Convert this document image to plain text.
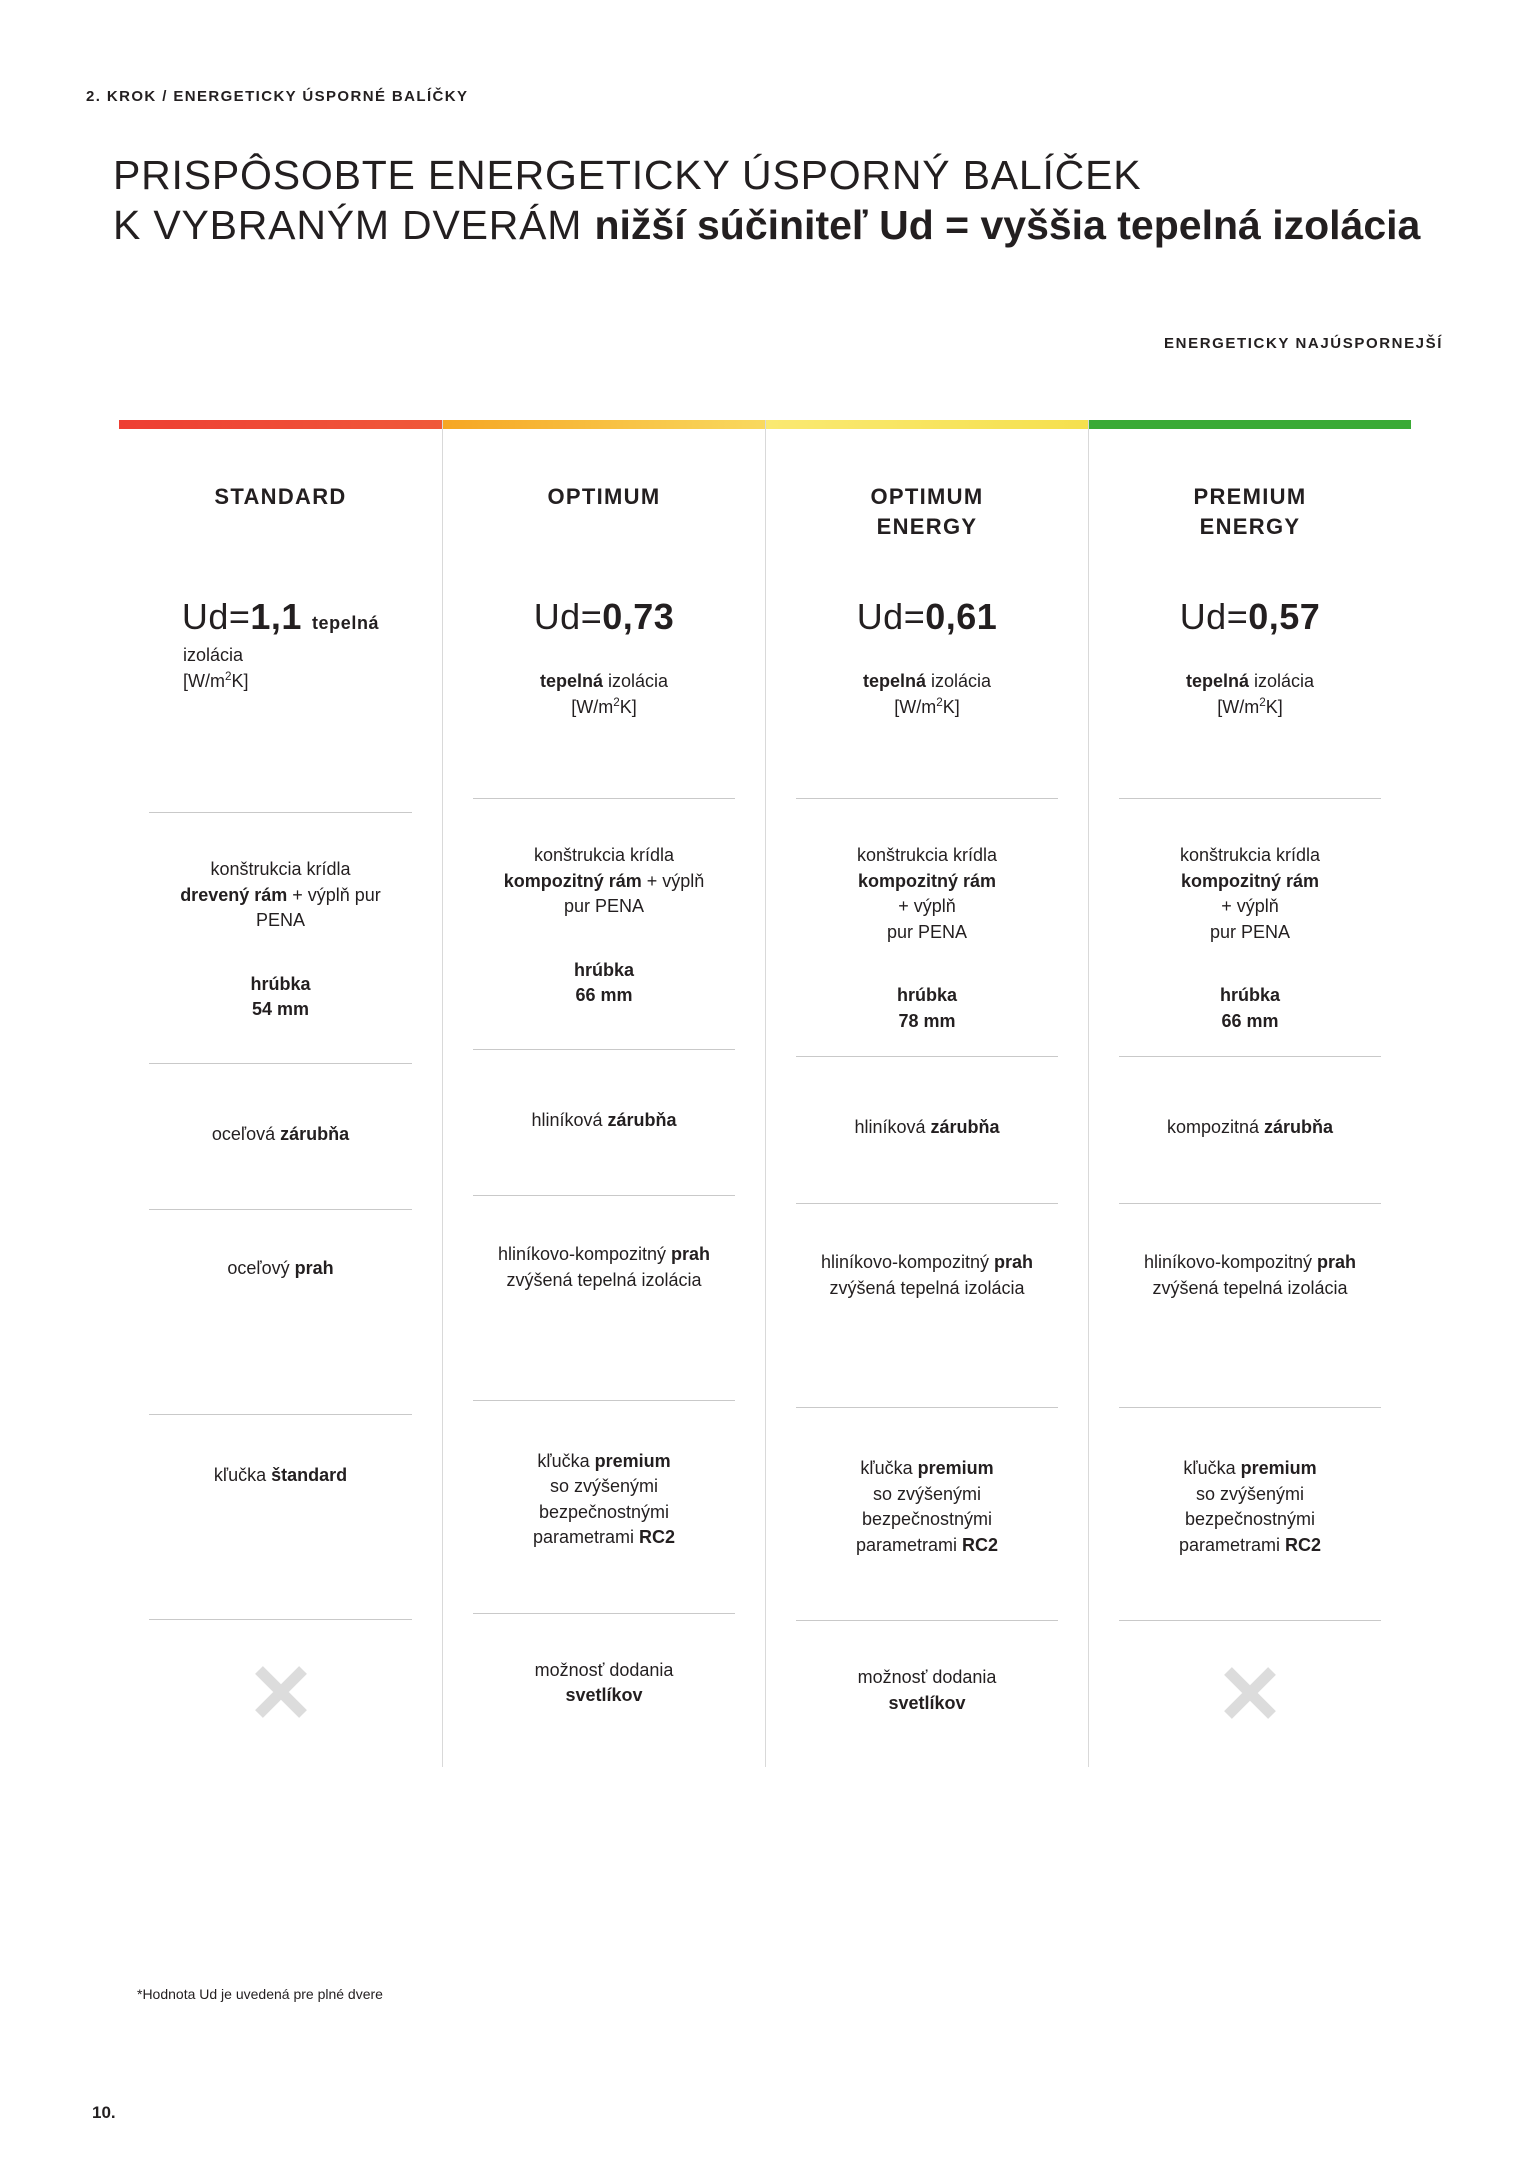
2. KROK / ENERGETICKY ÚSPORNÉ BALÍČKY
PRISPÔSOBTE ENERGETICKY ÚSPORNÝ BALÍČEK
K VYBRANÝM DVERÁM nižší súčiniteľ Ud = vyššia tepelná izolácia
ENERGETICKY NAJÚSPORNEJŠÍ
STANDARD
Ud=1,1 tepelná
izolácia
$[W/m^2K]$
konštrukcia krídla
drevený rám + výplň pur
PENA
hrúbka
54 mm
oceľová zárubňa
oceľový prah
kľučka štandard
OPTIMUM
Ud=0,73
tepelná izolácia
$[W/m^2K]$
konštrukcia krídla
kompozitný rám + výplň
pur PENA
hrúbka
66 mm
hliníková zárubňa
hliníkovo-kompozitný prah
zvýšená tepelná izolácia
kľučka premium
so zvýšenými
bezpečnostnými
parametrami RC2
možnosť dodania
svetlíkov
OPTIMUM
ENERGY
Ud=0,61
tepelná izolácia
$[W/m^2K]$
konštrukcia krídla
kompozitný rám
+ výplň
pur PENA
hrúbka
78 mm
hliníková zárubňa
hliníkovo-kompozitný prah
zvýšená tepelná izolácia
kľučka premium
so zvýšenými
bezpečnostnými
parametrami RC2
možnosť dodania
svetlíkov
PREMIUM
ENERGY
Ud=0,57
tepelná izolácia
$[W/m^2K]$
konštrukcia krídla
kompozitný rám
+ výplň
pur PENA
hrúbka
66 mm
kompozitná zárubňa
hliníkovo-kompozitný prah
zvýšená tepelná izolácia
kľučka premium
so zvýšenými
bezpečnostnými
parametrami RC2
*Hodnota Ud je uvedená pre plné dvere
10.
